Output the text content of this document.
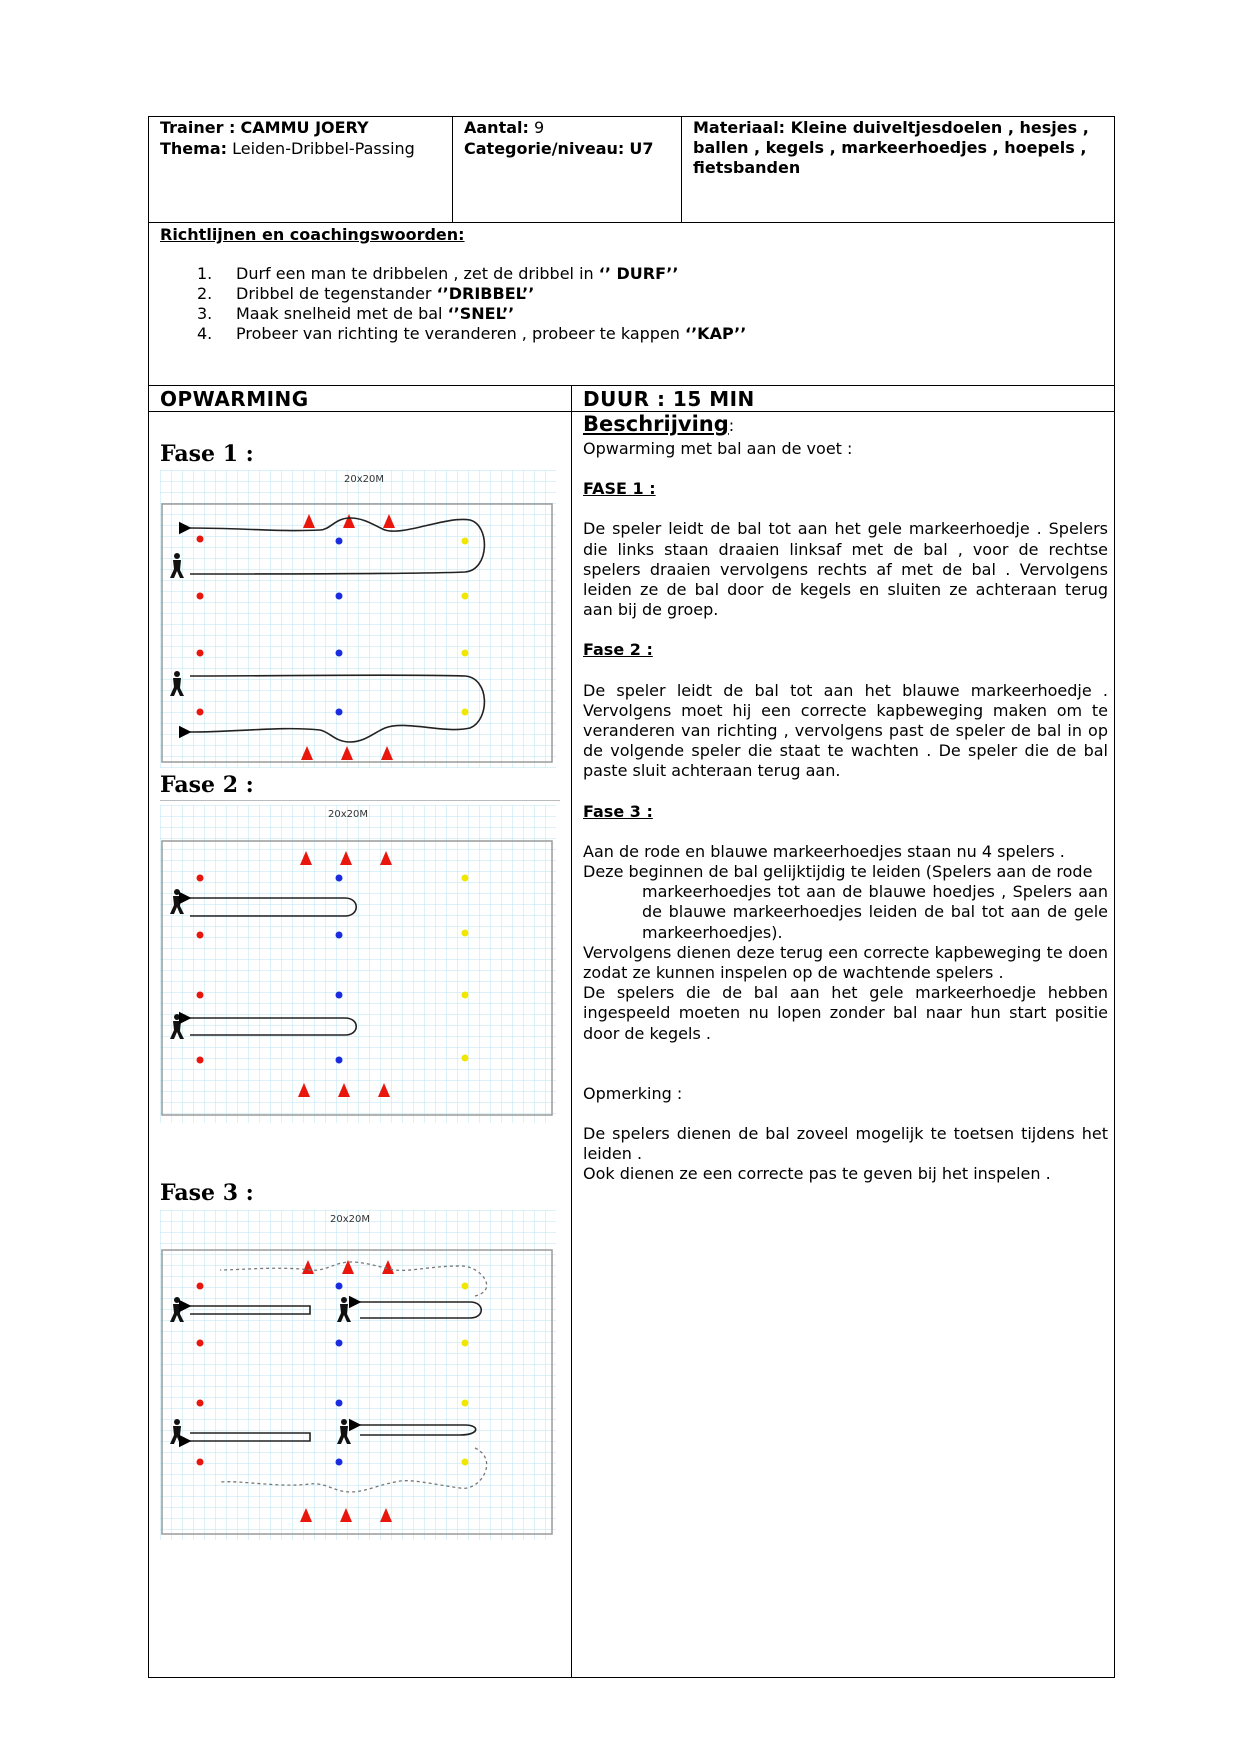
Trainer : CAMMU JOERY
Thema: Leiden-Dribbel-Passing
Aantal: 9
Categorie/niveau: U7
Materiaal: Kleine duiveltjesdoelen , hesjes , ballen , kegels , markeerhoedjes , hoepels , fietsbanden
Richtlijnen en coachingswoorden:
1. Durf een man te dribbelen , zet de dribbel in ‘’ DURF’’
2. Dribbel de tegenstander ‘’DRIBBEL’’
3. Maak snelheid met de bal ‘’SNEL’’
4. Probeer van richting te veranderen , probeer te kappen ‘’KAP’’
OPWARMING	DUUR : 15 MIN
Fase 1 :
Fase 2 :
Fase 3 :
20x20M
20x20M
20x20M
Beschrijving:

Opwarming met bal aan de voet :

FASE 1 :

De speler leidt de bal tot aan het gele markeerhoedje . Spelers die links staan draaien linksaf met de bal , voor de rechtse spelers draaien vervolgens rechts af met de bal . Vervolgens leiden ze de bal door de kegels en sluiten ze achteraan terug aan bij de groep.

Fase 2 :

De speler leidt de bal tot aan het blauwe markeerhoedje . Vervolgens moet hij een correcte kapbeweging maken om te veranderen van richting , vervolgens past de speler de bal in op de volgende speler die staat te wachten . De speler die de bal paste sluit achteraan terug aan.

Fase 3 :

Aan de rode en blauwe markeerhoedjes staan nu 4 spelers .

Deze beginnen de bal gelijktijdig te leiden (Spelers aan de rode

markeerhoedjes tot aan de blauwe hoedjes , Spelers aan de blauwe markeerhoedjes leiden de bal tot aan de gele markeerhoedjes).

Vervolgens dienen deze terug een correcte kapbeweging te doen zodat ze kunnen inspelen op de wachtende spelers .

De spelers die de bal aan het gele markeerhoedje hebben ingespeeld moeten nu lopen zonder bal naar hun start positie door de kegels .

Opmerking :

De spelers dienen de bal zoveel mogelijk te toetsen tijdens het leiden .

Ook dienen ze een correcte pas te geven bij het inspelen .
